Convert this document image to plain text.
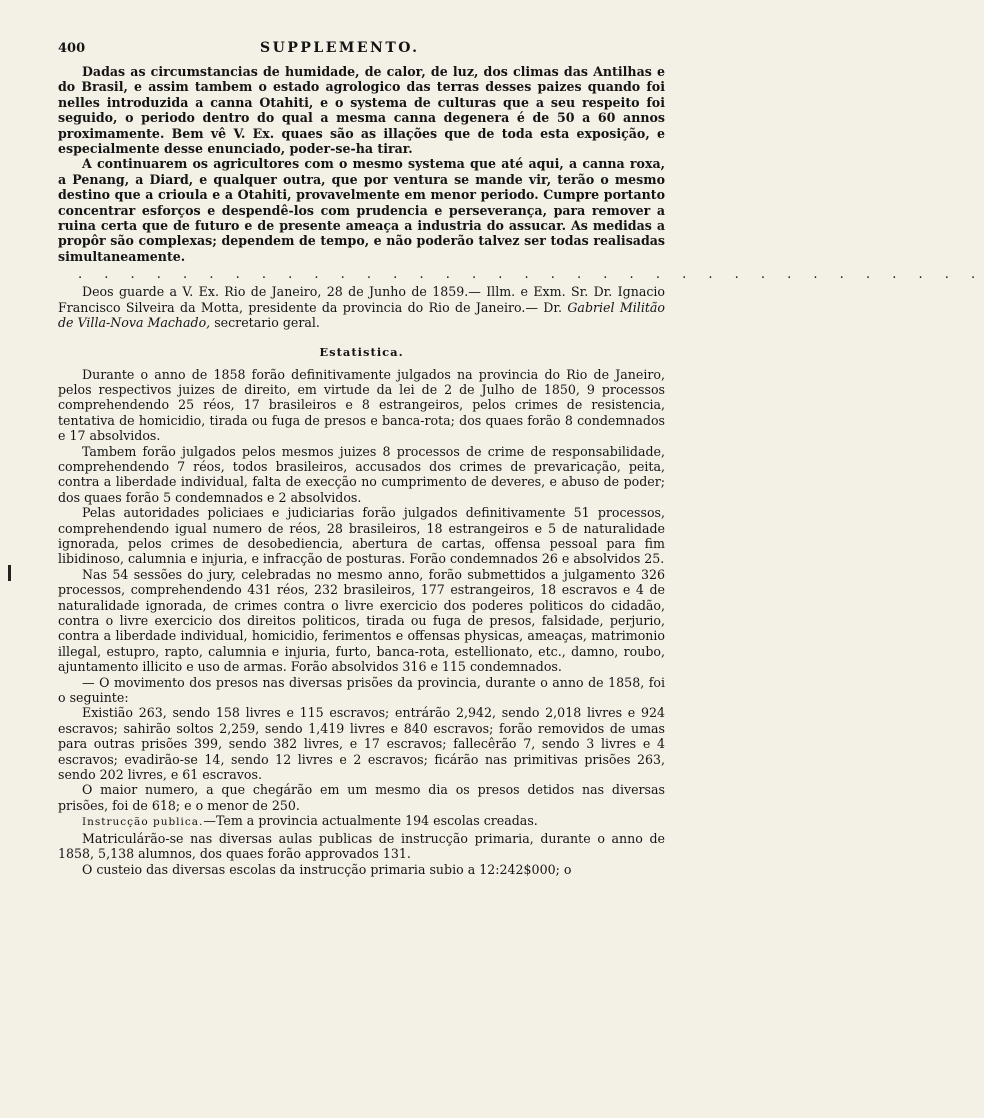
400	SUPPLEMENTO.

Dadas as circumstancias de humidade, de calor, de luz, dos climas das Antilhas e do Brasil, e assim tambem o estado agrologico das terras desses paizes quando foi nelles introduzida a canna Otahiti, e o systema de culturas que a seu respeito foi seguido, o periodo dentro do qual a mesma canna degenera é de 50 a 60 annos proximamente. Bem vê V. Ex. quaes são as illações que de toda esta exposição, e especialmente desse enunciado, poder-se-ha tirar.

A continuarem os agricultores com o mesmo systema que até aqui, a canna roxa, a Penang, a Diard, e qualquer outra, que por ventura se mande vir, terão o mesmo destino que a crioula e a Otahiti, provavelmente em menor periodo. Cumpre portanto concentrar esforços e despendê-los com prudencia e perseverança, para remover a ruina certa que de futuro e de presente ameaça a industria do assucar. As medidas a propôr são complexas; dependem de tempo, e não poderão talvez ser todas realisadas simultaneamente.

. . . . . . . . . . . . . . . . . . . . . . . . . . . . . . . . . . .

Deos guarde a V. Ex. Rio de Janeiro, 28 de Junho de 1859.— Illm. e Exm. Sr. Dr. Ignacio Francisco Silveira da Motta, presidente da provincia do Rio de Janeiro.— Dr. Gabriel Militão de Villa-Nova Machado, secretario geral.

Estatistica.

Durante o anno de 1858 forão definitivamente julgados na provincia do Rio de Janeiro, pelos respectivos juizes de direito, em virtude da lei de 2 de Julho de 1850, 9 processos comprehendendo 25 réos, 17 brasileiros e 8 estrangeiros, pelos crimes de resistencia, tentativa de homicidio, tirada ou fuga de presos e banca-rota; dos quaes forão 8 condemnados e 17 absolvidos.

Tambem forão julgados pelos mesmos juizes 8 processos de crime de responsabilidade, comprehendendo 7 réos, todos brasileiros, accusados dos crimes de prevaricação, peita, contra a liberdade individual, falta de execção no cumprimento de deveres, e abuso de poder; dos quaes forão 5 condemnados e 2 absolvidos.

Pelas autoridades policiaes e judiciarias forão julgados definitivamente 51 processos, comprehendendo igual numero de réos, 28 brasileiros, 18 estrangeiros e 5 de naturalidade ignorada, pelos crimes de desobediencia, abertura de cartas, offensa pessoal para fim libidinoso, calumnia e injuria, e infracção de posturas. Forão condemnados 26 e absolvidos 25.

Nas 54 sessões do jury, celebradas no mesmo anno, forão submettidos a julgamento 326 processos, comprehendendo 431 réos, 232 brasileiros, 177 estrangeiros, 18 escravos e 4 de naturalidade ignorada, de crimes contra o livre exercicio dos poderes politicos do cidadão, contra o livre exercicio dos direitos politicos, tirada ou fuga de presos, falsidade, perjurio, contra a liberdade individual, homicidio, ferimentos e offensas physicas, ameaças, matrimonio illegal, estupro, rapto, calumnia e injuria, furto, banca-rota, estellionato, etc., damno, roubo, ajuntamento illicito e uso de armas. Forão absolvidos 316 e 115 condemnados.

— O movimento dos presos nas diversas prisões da provincia, durante o anno de 1858, foi o seguinte:

Existião 263, sendo 158 livres e 115 escravos; entrárão 2,942, sendo 2,018 livres e 924 escravos; sahirão soltos 2,259, sendo 1,419 livres e 840 escravos; forão removidos de umas para outras prisões 399, sendo 382 livres, e 17 escravos; fallecêrão 7, sendo 3 livres e 4 escravos; evadirão-se 14, sendo 12 livres e 2 escravos; ficárão nas primitivas prisões 263, sendo 202 livres, e 61 escravos.

O maior numero, a que chegárão em um mesmo dia os presos detidos nas diversas prisões, foi de 618; e o menor de 250.

Instrucção publica.—Tem a provincia actualmente 194 escolas creadas.

Matriculárão-se nas diversas aulas publicas de instrucção primaria, durante o anno de 1858, 5,138 alumnos, dos quaes forão approvados 131.

O custeio das diversas escolas da instrucção primaria subio a 12:242$000; o
